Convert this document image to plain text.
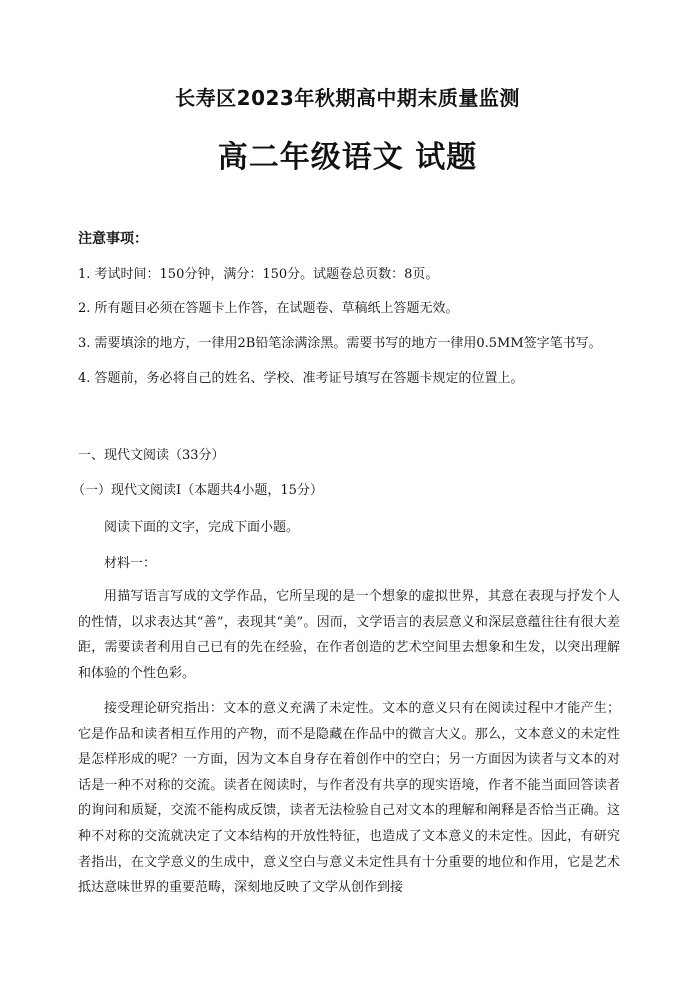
长寿区2023年秋期高中期末质量监测
高二年级语文 试题
注意事项：
1. 考试时间：150分钟，满分：150分。试题卷总页数：8页。
2. 所有题目必须在答题卡上作答，在试题卷、草稿纸上答题无效。
3. 需要填涂的地方，一律用2B铅笔涂满涂黑。需要书写的地方一律用0.5MM签字笔书写。
4. 答题前，务必将自己的姓名、学校、准考证号填写在答题卡规定的位置上。
一、现代文阅读（33分）
（一）现代文阅读Ⅰ（本题共4小题，15分）
阅读下面的文字，完成下面小题。
材料一：
用描写语言写成的文学作品，它所呈现的是一个想象的虚拟世界，其意在表现与抒发个人的性情，以求表达其“善”，表现其“美”。因而，文学语言的表层意义和深层意蕴往往有很大差距，需要读者利用自己已有的先在经验，在作者创造的艺术空间里去想象和生发，以突出理解和体验的个性色彩。
接受理论研究指出：文本的意义充满了未定性。文本的意义只有在阅读过程中才能产生；它是作品和读者相互作用的产物，而不是隐藏在作品中的微言大义。那么，文本意义的未定性是怎样形成的呢？一方面，因为文本自身存在着创作中的空白；另一方面因为读者与文本的对话是一种不对称的交流。读者在阅读时，与作者没有共享的现实语境，作者不能当面回答读者的询问和质疑，交流不能构成反馈，读者无法检验自己对文本的理解和阐释是否恰当正确。这种不对称的交流就决定了文本结构的开放性特征，也造成了文本意义的未定性。因此，有研究者指出，在文学意义的生成中，意义空白与意义未定性具有十分重要的地位和作用，它是艺术抵达意味世界的重要范畴，深刻地反映了文学从创作到接
